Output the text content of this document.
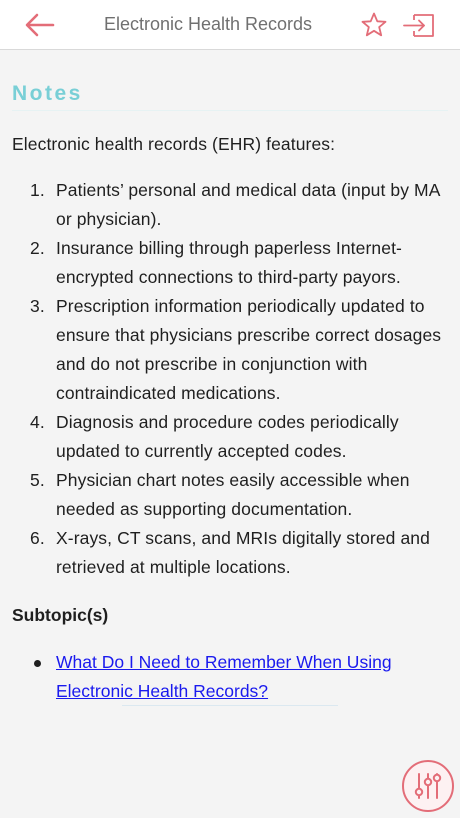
Electronic Health Records
Notes
Electronic health records (EHR) features:
1. Patients’ personal and medical data (input by MA or physician).
2. Insurance billing through paperless Internet-encrypted connections to third-party payors.
3. Prescription information periodically updated to ensure that physicians prescribe correct dosages and do not prescribe in conjunction with contraindicated medications.
4. Diagnosis and procedure codes periodically updated to currently accepted codes.
5. Physician chart notes easily accessible when needed as supporting documentation.
6. X-rays, CT scans, and MRIs digitally stored and retrieved at multiple locations.
Subtopic(s)
What Do I Need to Remember When Using Electronic Health Records?
